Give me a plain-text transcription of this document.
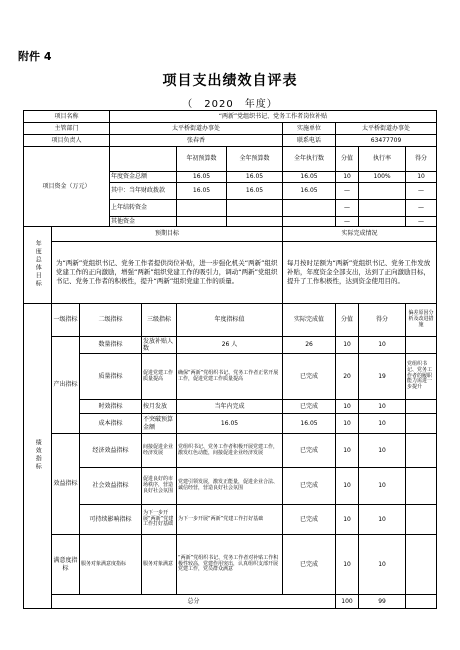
附件 4
项目支出绩效自评表
（　2020　年度）
项目名称			“两新”党组织书记、党务工作者岗位补贴							
主管部门			太平桥街道办事处				实施单位	太平桥街道办事处		
项目负责人			张春香				联系电话	63477709		
项目资金（万元）					年初预算数	全年预算数	全年执行数	分值	执行率	得分
			年度资金总额		16.05	16.05	16.05	10	100%	10
			其中：当年财政拨款		16.05	16.05	16.05	—		—
			上年结转资金					—		—
			其他资金					—		—
年度总体目标	预期目标						实际完成情况			
	为“两新”党组织书记、党务工作者提供岗位补贴，进一步强化机关“两新”组织党建工作的正向激励，增强“两新”组织党建工作的吸引力，调动“两新”党组织书记、党务工作者的积极性，提升“两新”组织党建工作的质量。						每月按时足额为“两新”党组织书记、党务工作发放补贴，年度资金全部支出，达到了正向激励目标，提升了工作积极性，达到资金使用目的。			
绩效指标	一级指标	二级指标		三级指标	年度指标值		实际完成值	分值	得分	偏差原因分析及改进措施
	产出指标	数量指标		发放补贴人数	26 人		26	10	10	
		质量指标		促进党建工作质量提高	确保“两新”党组织书记、党务工作者正常开展工作，促进党建工作质量提高		已完成	20	19	党组织书记、党务工作者的履职能力需进一步提升
		时效指标		按月发放	当年内完成		已完成	10	10	
		成本指标		不突破预算金额	16.05		16.05	10	10	
	效益指标	经济效益指标		间接促进企业经济发展	党组织书记、党务工作者积极开展党建工作，激发红色动能，间接促进企业经济发展		已完成	10	10	
		社会效益指标		促进良好的市场秩序，营造良好社会氛围	党建引领发展，激发正能量，促进企业合法、诚信经营，营造良好社会氛围		已完成	10	10	
		可持续影响指标		为下一步开展“两新”党建工作打好基础	为下一步开展“两新”党建工作打好基础		已完成	10	10	
	满意度指标	服务对象满意度指标		服务对象满意	“两新”党组织书记、党务工作者对补贴工作积极性较高，党建作用突出，认真组织支部开展党建工作，党员群众满意		已完成	10	10	
	总分							100	99	
